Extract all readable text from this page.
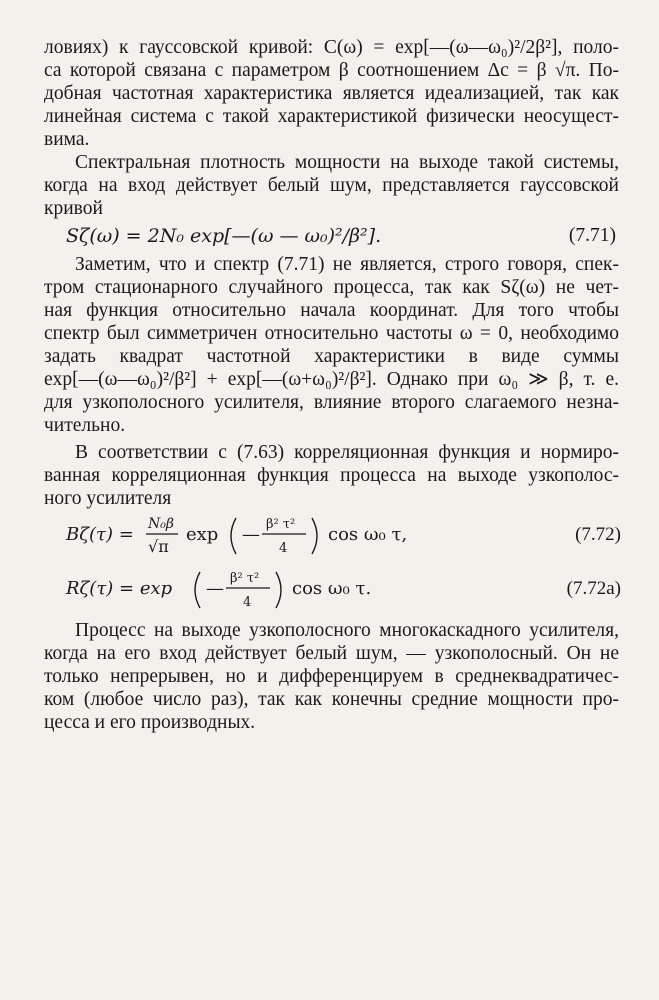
ловиях) к гауссовской кривой: C(ω) = exp[—(ω—ω₀)²/2β²], поло-
са которой связана с параметром β соотношением Δc = β √π. По-
добная частотная характеристика является идеализацией, так как
линейная система с такой характеристикой физически неосущест-
вима.
Спектральная плотность мощности на выходе такой системы,
когда на вход действует белый шум, представляется гауссовской
кривой
Sζ(ω) = 2N₀ exp[—(ω — ω₀)²/β²].	(7.71)
Заметим, что и спектр (7.71) не является, строго говоря, спек-
тром стационарного случайного процесса, так как Sζ(ω) не чет-
ная функция относительно начала координат. Для того чтобы
спектр был симметричен относительно частоты ω = 0, необходимо
задать квадрат частотной характеристики в виде суммы
exp[—(ω—ω₀)²/β²] + exp[—(ω+ω₀)²/β²]. Однако при ω₀ ≫ β, т. е.
для узкополосного усилителя, влияние второго слагаемого незна-
чительно.
В соответствии с (7.63) корреляционная функция и нормиро-
ванная корреляционная функция процесса на выходе узкополос-
ного усилителя
Bζ(τ) = N₀β
√π
exp — β² τ²
4
cos ω₀ τ,	(7.72)
Rζ(τ) = exp — β² τ²
4
cos ω₀ τ.	(7.72a)
Процесс на выходе узкополосного многокаскадного усилителя,
когда на его вход действует белый шум, — узкополосный. Он не
только непрерывен, но и дифференцируем в среднеквадратичес-
ком (любое число раз), так как конечны средние мощности про-
цесса и его производных.
